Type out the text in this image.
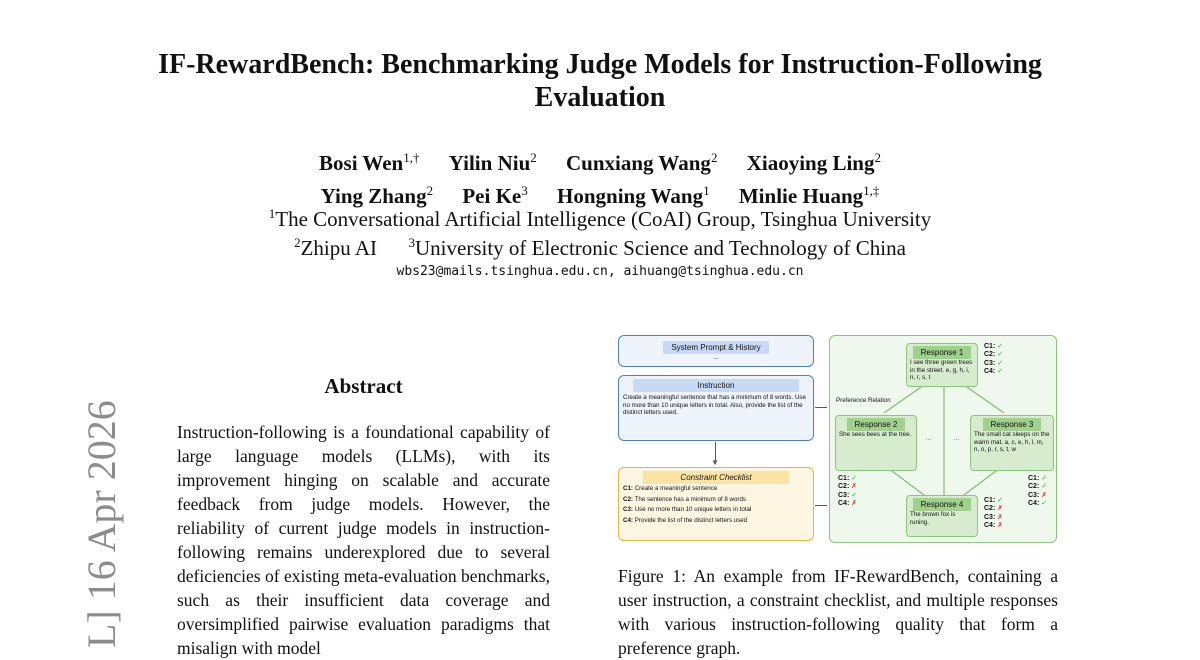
IF-RewardBench: Benchmarking Judge Models for Instruction-Following
Evaluation
Bosi Wen$^{1,\dagger}$ Yilin Niu$^2$ Cunxiang Wang$^2$ Xiaoying Ling$^2$
Ying Zhang$^2$ Pei Ke$^3$ Hongning Wang$^1$ Minlie Huang$^{1,\ddagger}$
$^1$The Conversational Artificial Intelligence (CoAI) Group, Tsinghua University
$^2$Zhipu AI $^3$University of Electronic Science and Technology of China
wbs23@mails.tsinghua.edu.cn, aihuang@tsinghua.edu.cn
L] 16 Apr 2026
Abstract
Instruction-following is a foundational capability of large language models (LLMs), with its improvement hinging on scalable and accurate feedback from judge models. However, the reliability of current judge models in instruction-following remains underexplored due to several deficiencies of existing meta-evaluation benchmarks, such as their insufficient data coverage and oversimplified pairwise evaluation paradigms that misalign with model
System Prompt & History
...
Instruction
Create a meaningful sentence that has a minimum of 8 words. Use no more than 10 unique letters in total. Also, provide the list of the distinct letters used.
▼
Constraint Checklist
C1: Create a meaningful sentence
C2: The sentence has a minimum of 8 words
C3: Use no more than 10 unique letters in total
C4: Provide the list of the distinct letters used
Preference Relation
...	...
Response 1
I see three green trees in the street. e, g, h, i, n, r, s, t
C1: ✓
C2: ✓
C3: ✓
C4: ✓
Response 2
She sees bees at the tree.
C1: ✓
C2: ✗
C3: ✓
C4: ✗
Response 3
The small cat sleeps on the warm mat. a, c, e, h, l, m, n, o, p, r, s, t, w
C1: ✓
C2: ✓
C3: ✗
C4: ✓
Response 4
The brown fox is runing.
C1: ✓
C2: ✗
C3: ✗
C4: ✗
Figure 1: An example from IF-RewardBench, containing a user instruction, a constraint checklist, and multiple responses with various instruction-following quality that form a preference graph.
